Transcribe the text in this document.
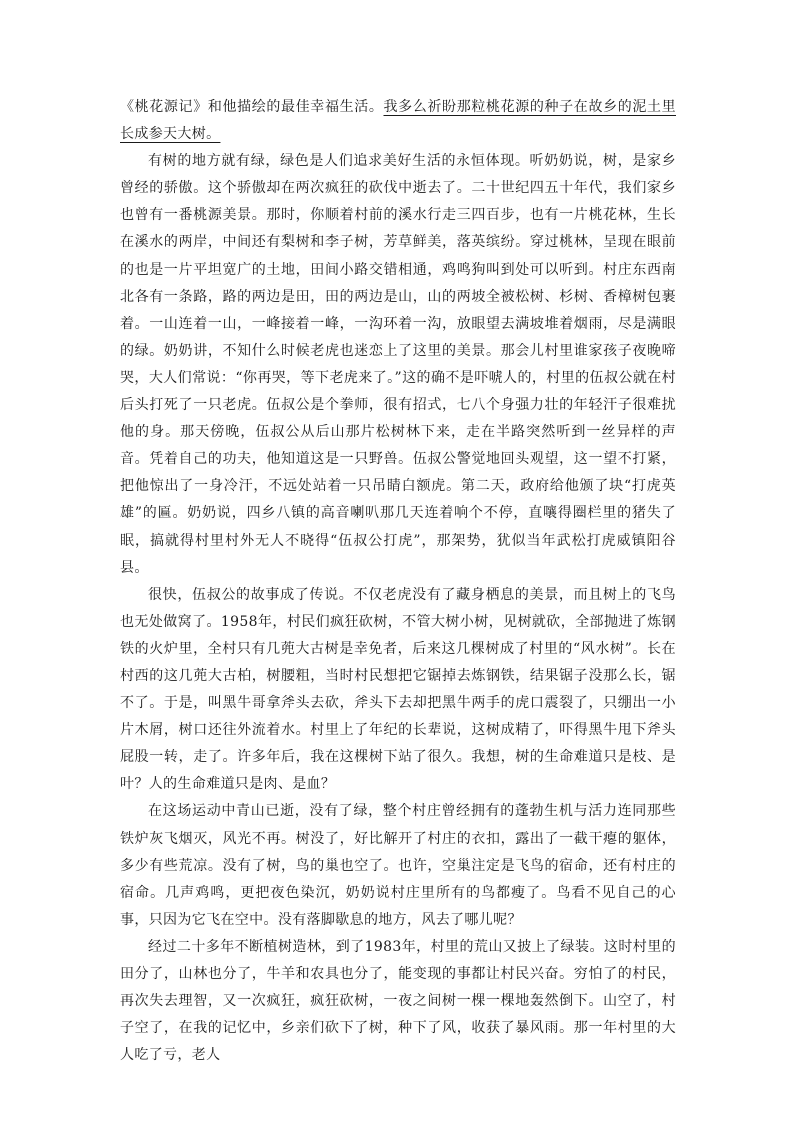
《桃花源记》和他描绘的最佳幸福生活。我多么祈盼那粒桃花源的种子在故乡的泥土里长成参天大树。

有树的地方就有绿，绿色是人们追求美好生活的永恒体现。听奶奶说，树，是家乡曾经的骄傲。这个骄傲却在两次疯狂的砍伐中逝去了。二十世纪四五十年代，我们家乡也曾有一番桃源美景。那时，你顺着村前的溪水行走三四百步，也有一片桃花林，生长在溪水的两岸，中间还有梨树和李子树，芳草鲜美，落英缤纷。穿过桃林，呈现在眼前的也是一片平坦宽广的土地，田间小路交错相通，鸡鸣狗叫到处可以听到。村庄东西南北各有一条路，路的两边是田，田的两边是山，山的两坡全被松树、杉树、香樟树包裹着。一山连着一山，一峰接着一峰，一沟环着一沟，放眼望去满坡堆着烟雨，尽是满眼的绿。奶奶讲，不知什么时候老虎也迷恋上了这里的美景。那会儿村里谁家孩子夜晚啼哭，大人们常说：“你再哭，等下老虎来了。”这的确不是吓唬人的，村里的伍叔公就在村后头打死了一只老虎。伍叔公是个拳师，很有招式，七八个身强力壮的年轻汗子很难扰他的身。那天傍晚，伍叔公从后山那片松树林下来，走在半路突然听到一丝异样的声音。凭着自己的功夫，他知道这是一只野兽。伍叔公警觉地回头观望，这一望不打紧，把他惊出了一身冷汗，不远处站着一只吊睛白额虎。第二天，政府给他颁了块“打虎英雄”的匾。奶奶说，四乡八镇的高音喇叭那几天连着响个不停，直嚷得圈栏里的猪失了眠，搞就得村里村外无人不晓得“伍叔公打虎”，那架势，犹似当年武松打虎威镇阳谷县。

很快，伍叔公的故事成了传说。不仅老虎没有了藏身栖息的美景，而且树上的飞鸟也无处做窝了。1958年，村民们疯狂砍树，不管大树小树，见树就砍，全部抛进了炼钢铁的火炉里，全村只有几蔸大古树是幸免者，后来这几棵树成了村里的“风水树”。长在村西的这几蔸大古柏，树腰粗，当时村民想把它锯掉去炼钢铁，结果锯子没那么长，锯不了。于是，叫黑牛哥拿斧头去砍，斧头下去却把黑牛两手的虎口震裂了，只绷出一小片木屑，树口还往外流着水。村里上了年纪的长辈说，这树成精了，吓得黑牛甩下斧头屁股一转，走了。许多年后，我在这棵树下站了很久。我想，树的生命难道只是枝、是叶？人的生命难道只是肉、是血？

在这场运动中青山已逝，没有了绿，整个村庄曾经拥有的蓬勃生机与活力连同那些铁炉灰飞烟灭，风光不再。树没了，好比解开了村庄的衣扣，露出了一截干瘪的躯体，多少有些荒凉。没有了树，鸟的巢也空了。也许，空巢注定是飞鸟的宿命，还有村庄的宿命。几声鸡鸣，更把夜色染沉，奶奶说村庄里所有的鸟都瘦了。鸟看不见自己的心事，只因为它飞在空中。没有落脚歇息的地方，风去了哪儿呢？

经过二十多年不断植树造林，到了1983年，村里的荒山又披上了绿装。这时村里的田分了，山林也分了，牛羊和农具也分了，能变现的事都让村民兴奋。穷怕了的村民，再次失去理智，又一次疯狂，疯狂砍树，一夜之间树一棵一棵地轰然倒下。山空了，村子空了，在我的记忆中，乡亲们砍下了树，种下了风，收获了暴风雨。那一年村里的大人吃了亏，老人
